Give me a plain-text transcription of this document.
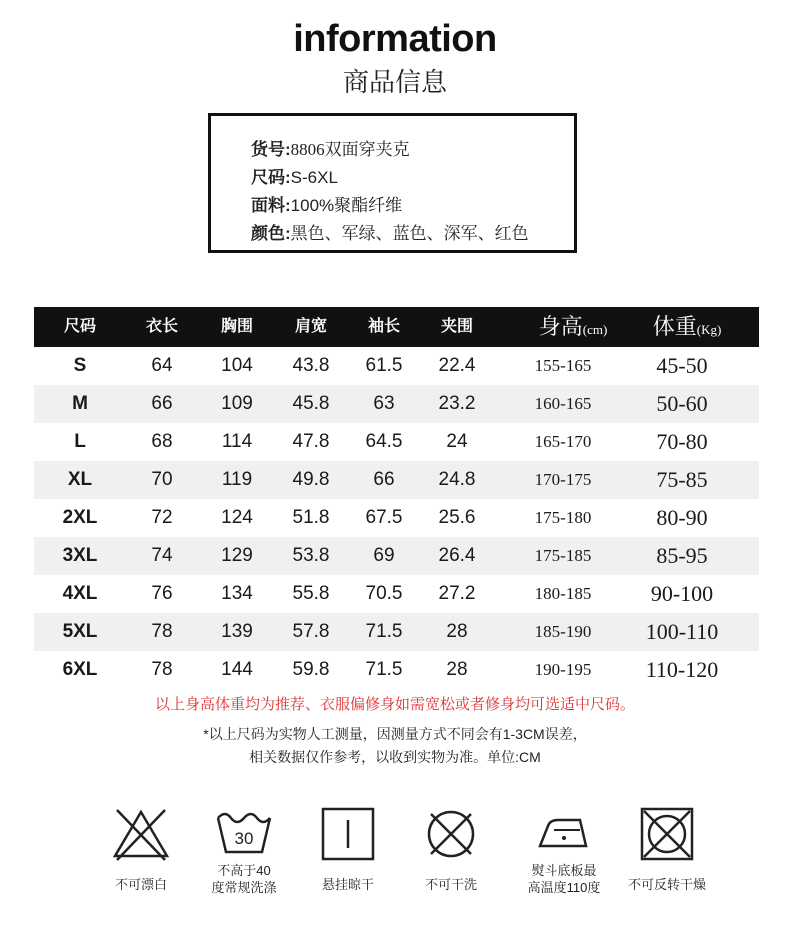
information
商品信息
货号:8806双面穿夹克
尺码:S-6XL
面料:100%聚酯纤维
颜色:黑色、军绿、蓝色、深军、红色
尺码	衣长	胸围	肩宽	袖长	夹围	身高(cm)	体重(Kg)
S	64	104	43.8	61.5	22.4	155-165	45-50
M	66	109	45.8	63	23.2	160-165	50-60
L	68	114	47.8	64.5	24	165-170	70-80
XL	70	119	49.8	66	24.8	170-175	75-85
2XL	72	124	51.8	67.5	25.6	175-180	80-90
3XL	74	129	53.8	69	26.4	175-185	85-95
4XL	76	134	55.8	70.5	27.2	180-185	90-100
5XL	78	139	57.8	71.5	28	185-190	100-110
6XL	78	144	59.8	71.5	28	190-195	110-120
以上身高体重均为推荐、衣服偏修身如需宽松或者修身均可选适中尺码。
*以上尺码为实物人工测量，因测量方式不同会有1-3CM误差，
相关数据仅作参考，以收到实物为准。单位:CM
不可漂白
30
不高于40
度常规洗涤	悬挂晾干	不可干洗
熨斗底板最
高温度110度	不可反转干燥
